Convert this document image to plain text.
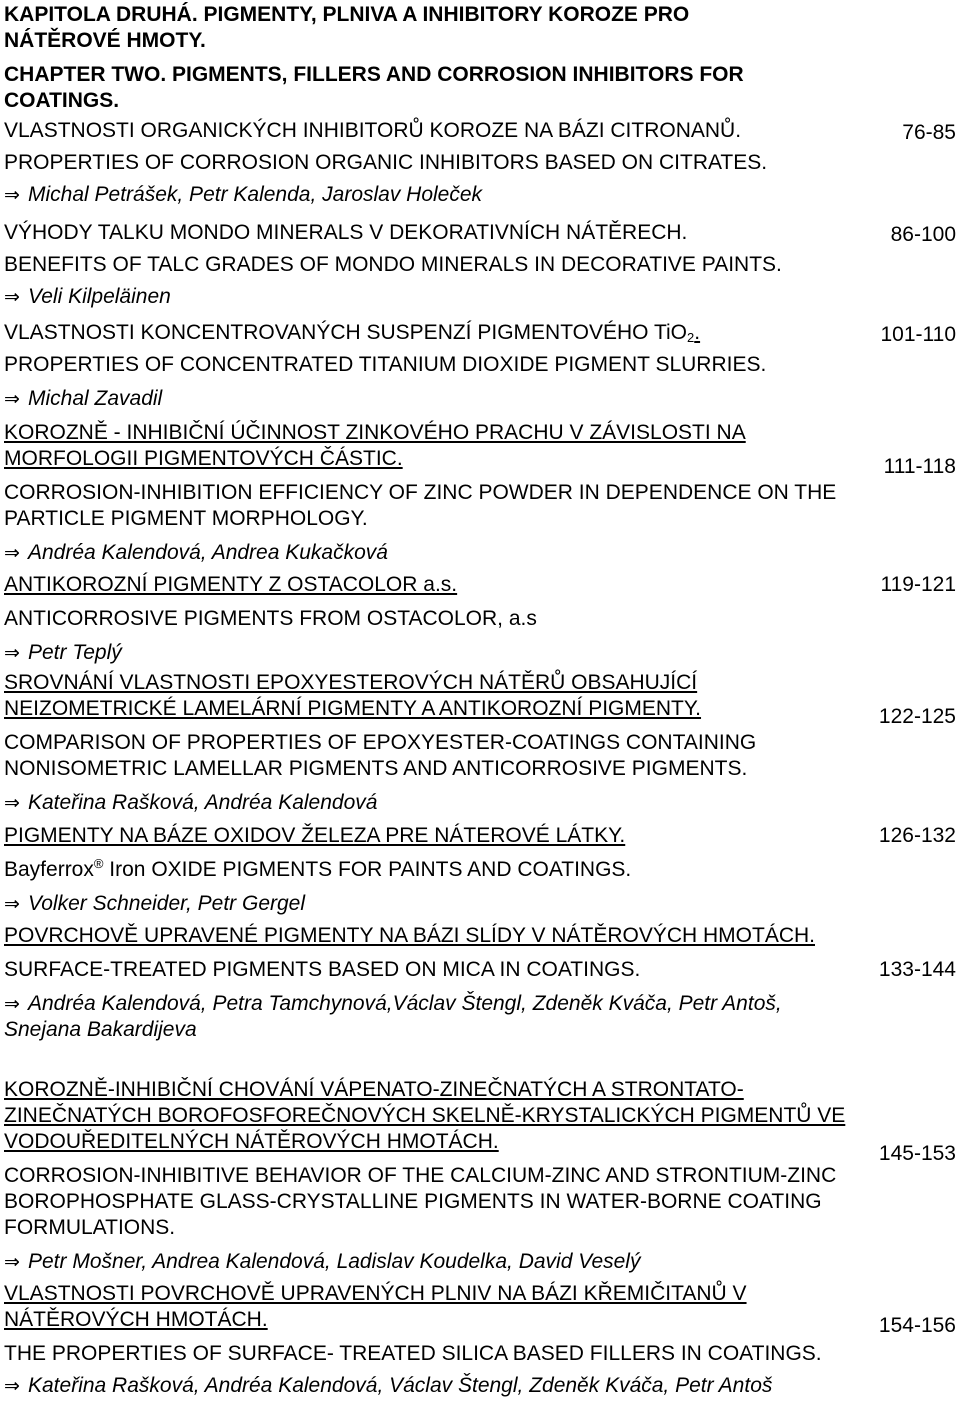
KAPITOLA DRUHÁ. PIGMENTY, PLNIVA A INHIBITORY KOROZE PRO NÁTĚROVÉ HMOTY.
CHAPTER TWO. PIGMENTS, FILLERS AND CORROSION INHIBITORS FOR COATINGS.
76-85
VLASTNOSTI ORGANICKÝCH INHIBITORŮ KOROZE NA BÁZI CITRONANŮ.
PROPERTIES OF CORROSION ORGANIC INHIBITORS BASED ON CITRATES.
⇒ Michal Petrášek, Petr Kalenda, Jaroslav Holeček
86-100
VÝHODY TALKU MONDO MINERALS V DEKORATIVNÍCH NÁTĚRECH.
BENEFITS OF TALC GRADES OF MONDO MINERALS IN DECORATIVE PAINTS.
⇒ Veli Kilpeläinen
101-110
VLASTNOSTI KONCENTROVANÝCH SUSPENZÍ PIGMENTOVÉHO TiO$_2$.
PROPERTIES OF CONCENTRATED TITANIUM DIOXIDE PIGMENT SLURRIES.
⇒ Michal Zavadil
111-118
KOROZNĚ - INHIBIČNÍ ÚČINNOST ZINKOVÉHO PRACHU V ZÁVISLOSTI NA MORFOLOGII PIGMENTOVÝCH ČÁSTIC.
CORROSION-INHIBITION EFFICIENCY OF ZINC POWDER IN DEPENDENCE ON THE PARTICLE PIGMENT MORPHOLOGY.
⇒ Andréa Kalendová, Andrea Kukačková
119-121
ANTIKOROZNÍ PIGMENTY Z OSTACOLOR a.s.
ANTICORROSIVE PIGMENTS FROM OSTACOLOR, a.s
⇒ Petr Teplý
122-125
SROVNÁNÍ VLASTNOSTI EPOXYESTEROVÝCH NÁTĚRŮ OBSAHUJÍCÍ NEIZOMETRICKÉ LAMELÁRNÍ PIGMENTY A ANTIKOROZNÍ PIGMENTY.
COMPARISON OF PROPERTIES OF EPOXYESTER-COATINGS CONTAINING NONISOMETRIC LAMELLAR PIGMENTS AND ANTICORROSIVE PIGMENTS.
⇒ Kateřina Rašková, Andréa Kalendová
126-132
PIGMENTY NA BÁZE OXIDOV ŽELEZA PRE NÁTEROVÉ LÁTKY.
Bayferrox® Iron OXIDE PIGMENTS FOR PAINTS AND COATINGS.
⇒ Volker Schneider, Petr Gergel
133-144
POVRCHOVĚ UPRAVENÉ PIGMENTY NA BÁZI SLÍDY V NÁTĚROVÝCH HMOTÁCH.
SURFACE-TREATED PIGMENTS BASED ON MICA IN COATINGS.
⇒ Andréa Kalendová, Petra Tamchynová,Václav Štengl, Zdeněk Kváča, Petr Antoš, Snejana Bakardijeva
145-153
KOROZNĚ-INHIBIČNÍ CHOVÁNÍ VÁPENATO-ZINEČNATÝCH A STRONTATO-ZINEČNATÝCH BOROFOSFOREČNOVÝCH SKELNĚ-KRYSTALICKÝCH PIGMENTŮ VE VODOUŘEDITELNÝCH NÁTĚROVÝCH HMOTÁCH.
CORROSION-INHIBITIVE BEHAVIOR OF THE CALCIUM-ZINC AND STRONTIUM-ZINC BOROPHOSPHATE GLASS-CRYSTALLINE PIGMENTS IN WATER-BORNE COATING FORMULATIONS.
⇒ Petr Mošner, Andrea Kalendová, Ladislav Koudelka, David Veselý
154-156
VLASTNOSTI POVRCHOVĚ UPRAVENÝCH PLNIV NA BÁZI KŘEMIČITANŮ V NÁTĚROVÝCH HMOTÁCH.
THE PROPERTIES OF SURFACE- TREATED SILICA BASED FILLERS IN COATINGS.
⇒ Kateřina Rašková, Andréa Kalendová, Václav Štengl, Zdeněk Kváča, Petr Antoš
